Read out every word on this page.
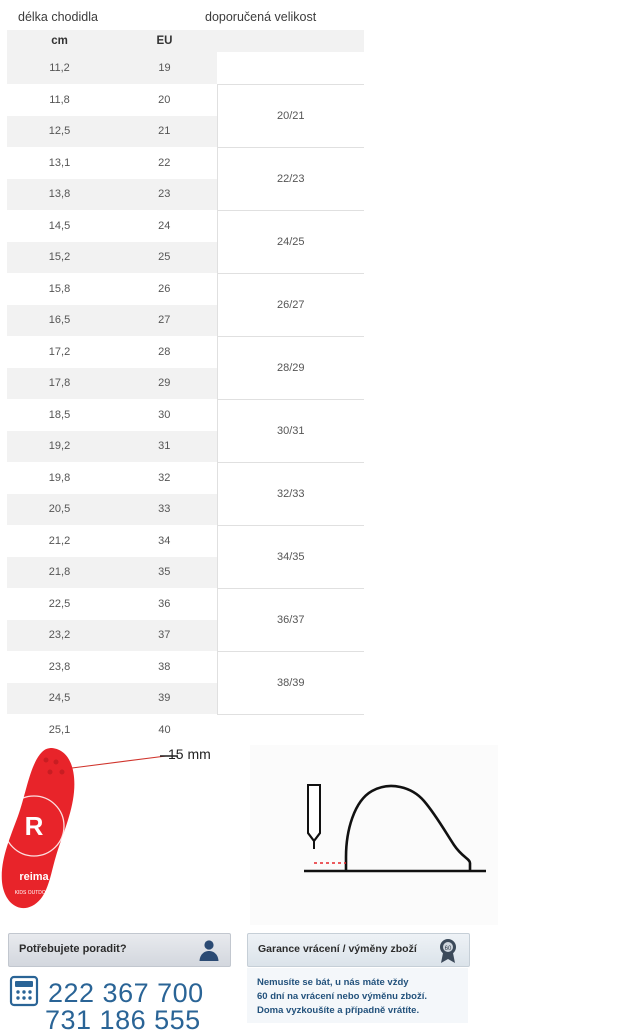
délka chodidla	doporučená velikost
cm	EU	
11,2	19	
11,8	20	20/21
12,5	21	
13,1	22	22/23
13,8	23	
14,5	24	24/25
15,2	25	
15,8	26	26/27
16,5	27	
17,2	28	28/29
17,8	29	
18,5	30	30/31
19,2	31	
19,8	32	32/33
20,5	33	
21,2	34	34/35
21,8	35	
22,5	36	36/37
23,2	37	
23,8	38	38/39
24,5	39	
25,1	40	
R
reima
KIDS OUTDOOR
15 mm
Potřebujete poradit?
222 367 700
731 186 555
Garance vrácení / výměny zboží	60
Nemusíte se bát, u nás máte vždy
60 dní na vrácení nebo výměnu zboží.
Doma vyzkoušíte a případně vrátíte.
